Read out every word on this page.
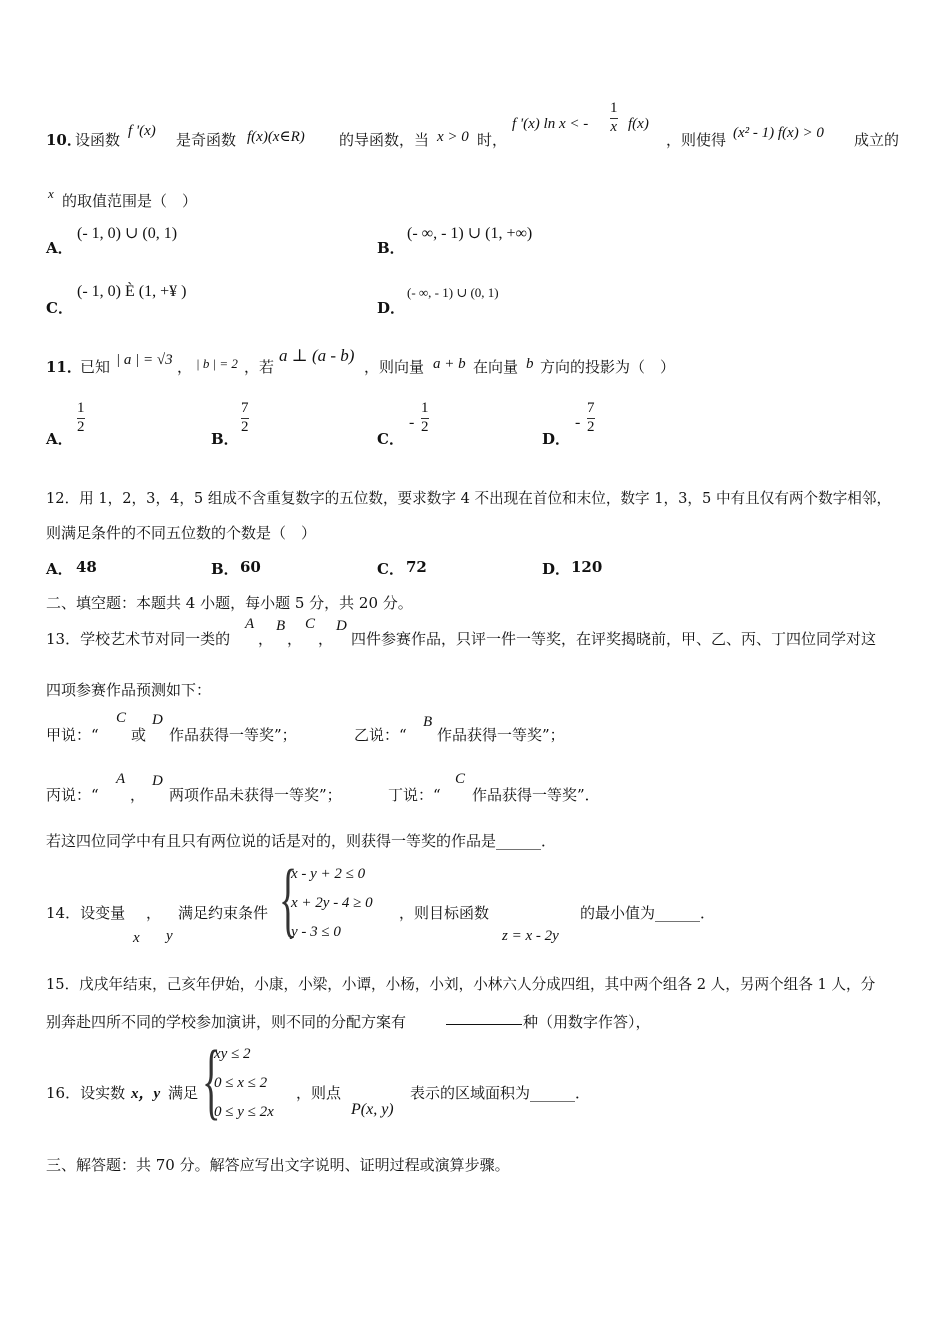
10．
设函数 f '(x) 是奇函数 f(x)(x∈R) 的导函数，当 x > 0 时，
f '(x) ln x < -
1
x f(x)
，则使得 (x² - 1) f(x) > 0 成立的
x 的取值范围是（　）
A．
(- 1, 0) ∪ (0, 1)
B．
(- ∞, - 1) ∪ (1, +∞)
C．
(- 1, 0) È (1, +¥ )
D．
(- ∞, - 1) ∪ (0, 1)
11．
已知 | a | = √3 ， | b | = 2 ，若
a ⊥ (a - b)
，则向量 a + b 在向量 b 方向的投影为（　）
A．
1
2
B．
7
2
C．
-
1
2
D．
-
7
2
12．用 1，2，3，4，5 组成不含重复数字的五位数，要求数字 4 不出现在首位和末位，数字 1，3，5 中有且仅有两个数字相邻，
则满足条件的不同五位数的个数是（　）
A． 48	B． 60	C． 72	D． 120
二、填空题：本题共 4 小题，每小题 5 分，共 20 分。
13．学校艺术节对同一类的
A
，
B
，
C
，
D
四件参赛作品，只评一件一等奖，在评奖揭晓前，甲、乙、丙、丁四位同学对这
四项参赛作品预测如下：
甲说：“
C
或
D
作品获得一等奖”；	乙说：“
B
作品获得一等奖”；
丙说：“
A
，
D
两项作品未获得一等奖”；	丁说：“
C
作品获得一等奖”．
若这四位同学中有且只有两位说的话是对的，则获得一等奖的作品是______．
14．设变量 ， 满足约束条件
x y {
x - y + 2 ≤ 0
x + 2y - 4 ≥ 0
y - 3 ≤ 0
，则目标函数
z = x - 2y
的最小值为______．
15．戊戌年结束，己亥年伊始，小康，小梁，小谭，小杨，小刘，小林六人分成四组，其中两个组各 2 人，另两个组各 1 人，分
别奔赴四所不同的学校参加演讲，则不同的分配方案有	种（用数字作答），
16．设实数 x，y 满足 {
xy ≤ 2
0 ≤ x ≤ 2
0 ≤ y ≤ 2x
，则点
P(x, y)
表示的区域面积为______．
三、解答题：共 70 分。解答应写出文字说明、证明过程或演算步骤。
